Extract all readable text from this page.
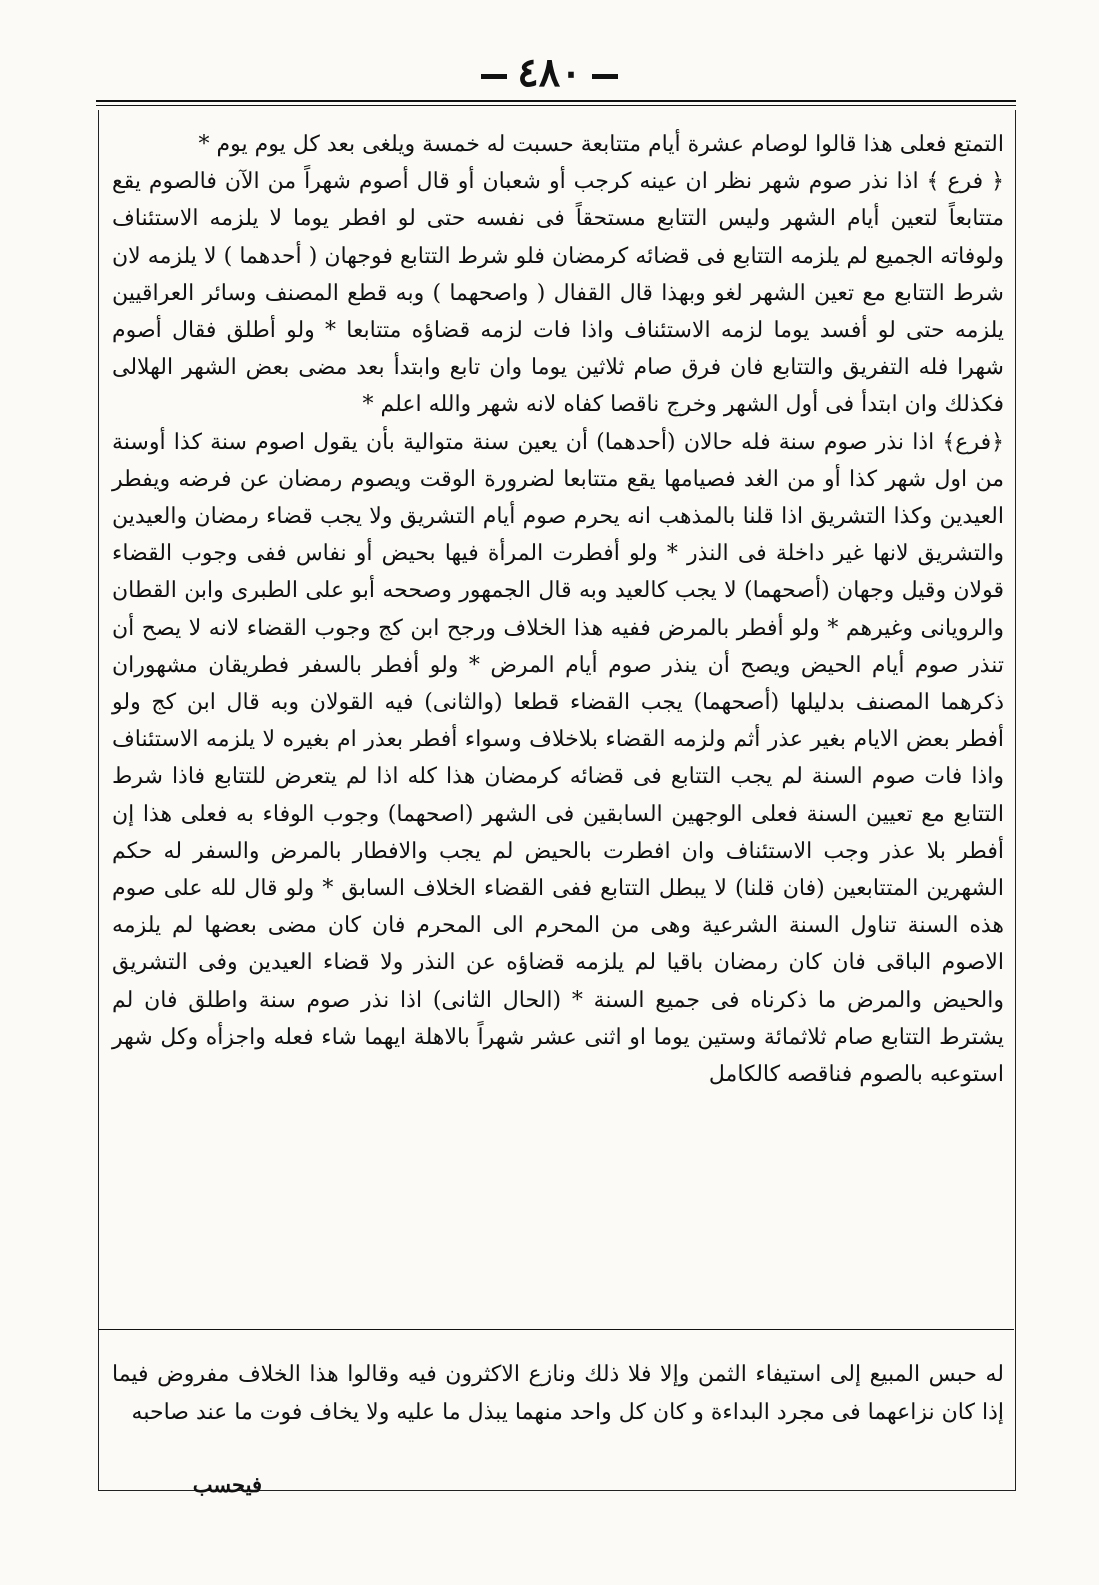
٤٨٠

التمتع فعلى هذا قالوا لوصام عشرة أيام متتابعة حسبت له خمسة ويلغى بعد كل يوم يوم *

﴿ فرع ﴾ اذا نذر صوم شهر نظر ان عينه كرجب أو شعبان أو قال أصوم شهراً من الآن فالصوم يقع متتابعاً لتعين أيام الشهر وليس التتابع مستحقاً فى نفسه حتى لو افطر يوما لا يلزمه الاستئناف ولوفاته الجميع لم يلزمه التتابع فى قضائه كرمضان فلو شرط التتابع فوجهان ( أحدهما ) لا يلزمه لان شرط التتابع مع تعين الشهر لغو وبهذا قال القفال ( واصحهما ) وبه قطع المصنف وسائر العراقيين يلزمه حتى لو أفسد يوما لزمه الاستئناف واذا فات لزمه قضاؤه متتابعا * ولو أطلق فقال أصوم شهرا فله التفريق والتتابع فان فرق صام ثلاثين يوما وان تابع وابتدأ بعد مضى بعض الشهر الهلالى فكذلك وان ابتدأ فى أول الشهر وخرج ناقصا كفاه لانه شهر والله اعلم *

﴿فرع﴾ اذا نذر صوم سنة فله حالان (أحدهما) أن يعين سنة متوالية بأن يقول اصوم سنة كذا أوسنة من اول شهر كذا أو من الغد فصيامها يقع متتابعا لضرورة الوقت ويصوم رمضان عن فرضه ويفطر العيدين وكذا التشريق اذا قلنا بالمذهب انه يحرم صوم أيام التشريق ولا يجب قضاء رمضان والعيدين والتشريق لانها غير داخلة فى النذر * ولو أفطرت المرأة فيها بحيض أو نفاس ففى وجوب القضاء قولان وقيل وجهان (أصحهما) لا يجب كالعيد وبه قال الجمهور وصححه أبو على الطبرى وابن القطان والرويانى وغيرهم * ولو أفطر بالمرض ففيه هذا الخلاف ورجح ابن كج وجوب القضاء لانه لا يصح أن تنذر صوم أيام الحيض ويصح أن ينذر صوم أيام المرض * ولو أفطر بالسفر فطريقان مشهوران ذكرهما المصنف بدليلها (أصحهما) يجب القضاء قطعا (والثانى) فيه القولان وبه قال ابن كج ولو أفطر بعض الايام بغير عذر أثم ولزمه القضاء بلاخلاف وسواء أفطر بعذر ام بغيره لا يلزمه الاستئناف واذا فات صوم السنة لم يجب التتابع فى قضائه كرمضان هذا كله اذا لم يتعرض للتتابع فاذا شرط التتابع مع تعيين السنة فعلى الوجهين السابقين فى الشهر (اصحهما) وجوب الوفاء به فعلى هذا إن أفطر بلا عذر وجب الاستئناف وان افطرت بالحيض لم يجب والافطار بالمرض والسفر له حكم الشهرين المتتابعين (فان قلنا) لا يبطل التتابع ففى القضاء الخلاف السابق * ولو قال لله على صوم هذه السنة تناول السنة الشرعية وهى من المحرم الى المحرم فان كان مضى بعضها لم يلزمه الاصوم الباقى فان كان رمضان باقيا لم يلزمه قضاؤه عن النذر ولا قضاء العيدين وفى التشريق والحيض والمرض ما ذكرناه فى جميع السنة * (الحال الثانى) اذا نذر صوم سنة واطلق فان لم يشترط التتابع صام ثلاثمائة وستين يوما او اثنى عشر شهراً بالاهلة ايهما شاء فعله واجزأه وكل شهر استوعبه بالصوم فناقصه كالكامل

له حبس المبيع إلى استيفاء الثمن وإلا فلا ذلك ونازع الاكثرون فيه وقالوا هذا الخلاف مفروض فيما إذا كان نزاعهما فى مجرد البداءة و كان كل واحد منهما يبذل ما عليه ولا يخاف فوت ما عند صاحبه

فيحسب
